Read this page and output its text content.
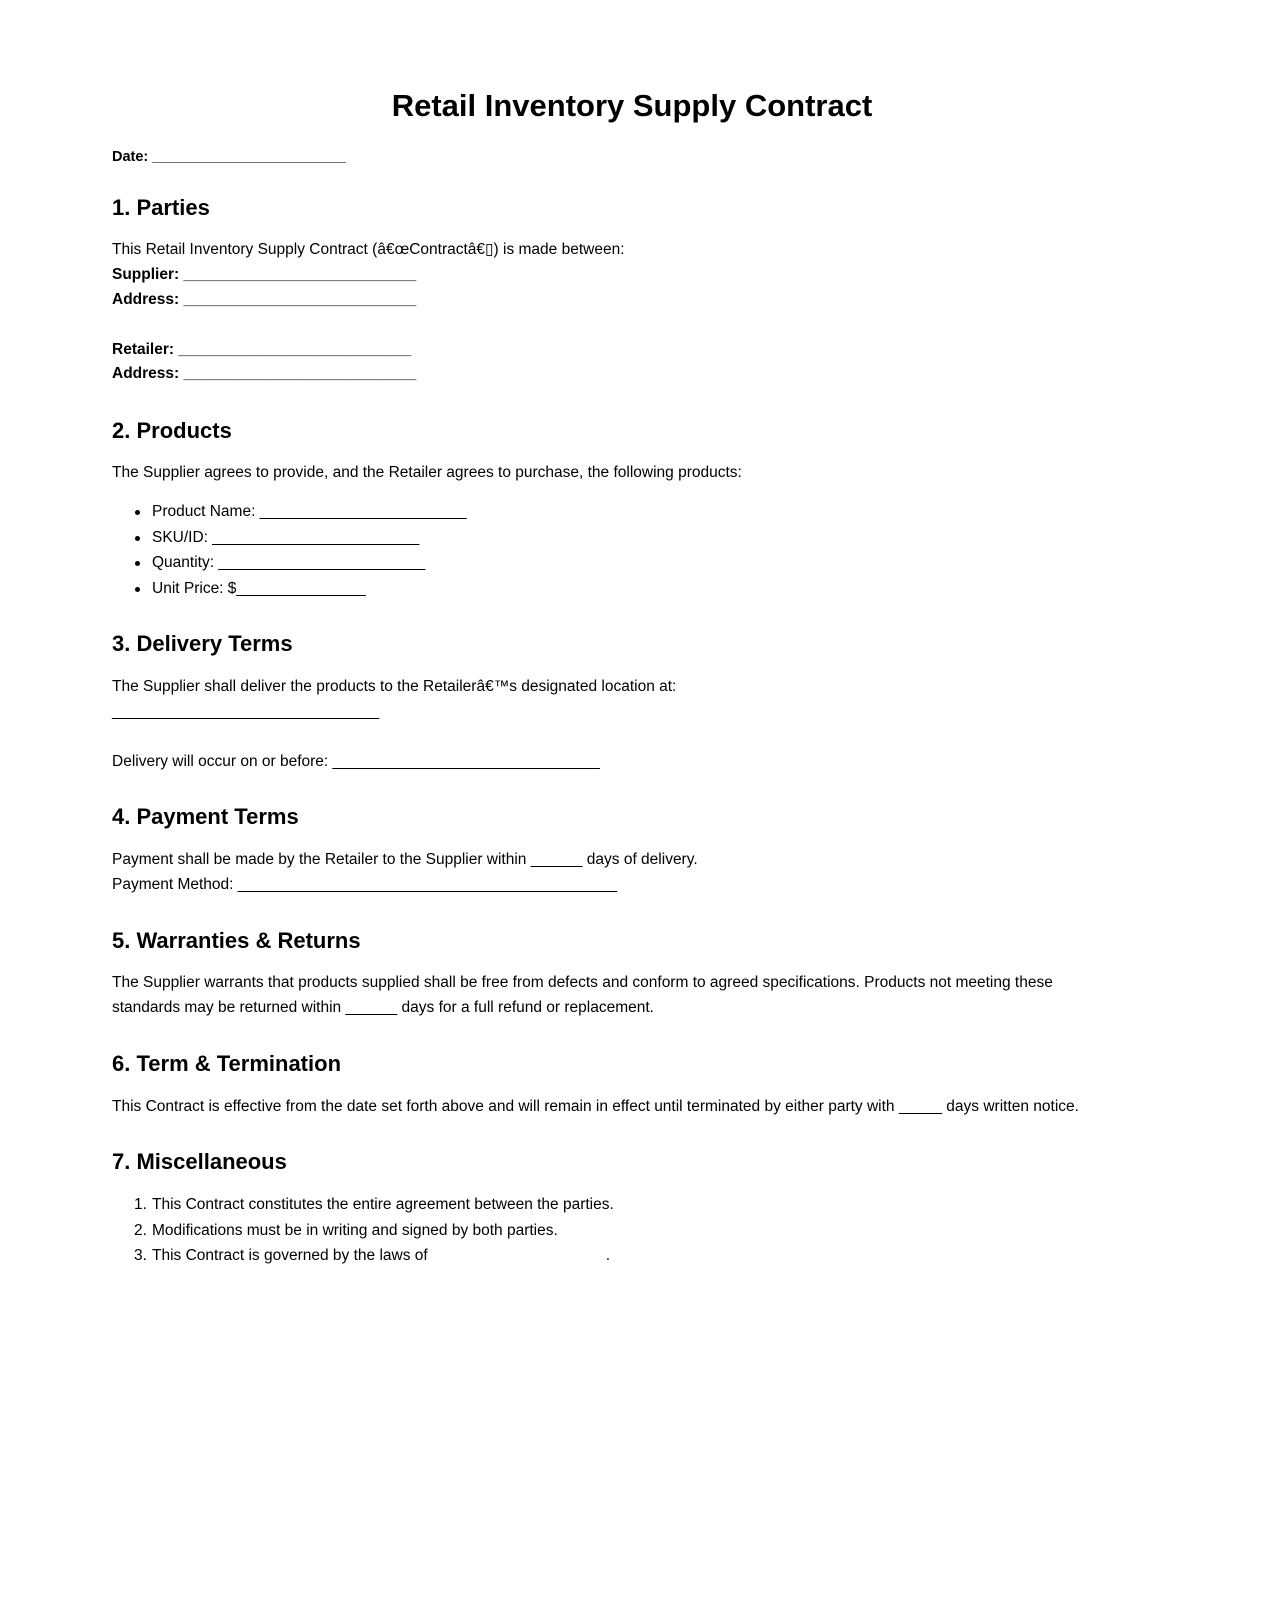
Retail Inventory Supply Contract
Date: ________________________
1. Parties
This Retail Inventory Supply Contract (â€œContractâ€▯) is made between:
Supplier: ___________________________
Address: ___________________________
Retailer: ___________________________
Address: ___________________________
2. Products
The Supplier agrees to provide, and the Retailer agrees to purchase, the following products:
Product Name: ________________________
SKU/ID: ________________________
Quantity: ________________________
Unit Price: $_______________
3. Delivery Terms
The Supplier shall deliver the products to the Retailerâ€™s designated location at:
_______________________________
Delivery will occur on or before: _______________________________
4. Payment Terms
Payment shall be made by the Retailer to the Supplier within ______ days of delivery.
Payment Method: ____________________________________________
5. Warranties & Returns
The Supplier warrants that products supplied shall be free from defects and conform to agreed specifications. Products not meeting these standards may be returned within ______ days for a full refund or replacement.
6. Term & Termination
This Contract is effective from the date set forth above and will remain in effect until terminated by either party with _____ days written notice.
7. Miscellaneous
1. This Contract constitutes the entire agreement between the parties.
2. Modifications must be in writing and signed by both parties.
3. This Contract is governed by the laws of	.
